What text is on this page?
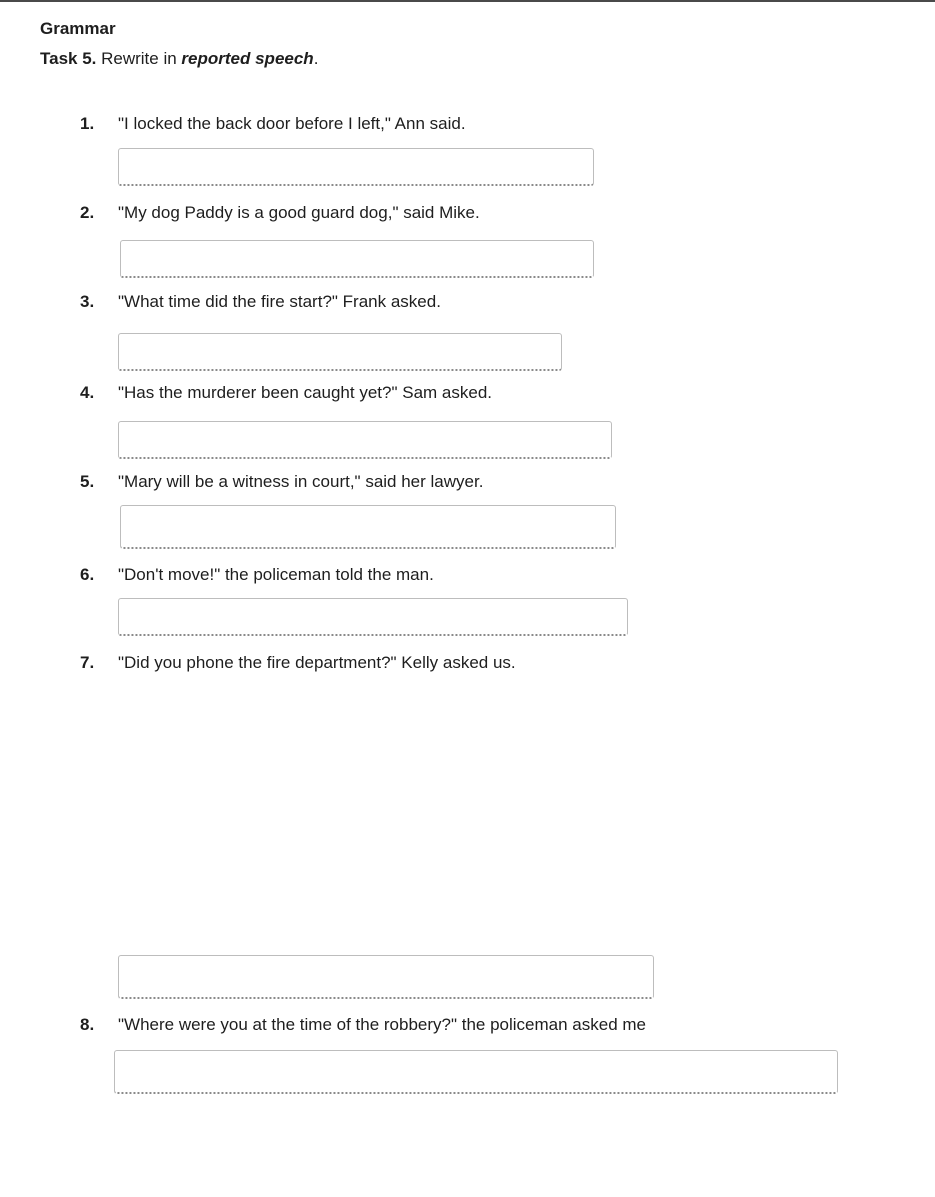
Grammar
Task 5. Rewrite in reported speech.
1. "I locked the back door before I left," Ann said.
2. "My dog Paddy is a good guard dog," said Mike.
3. "What time did the fire start?" Frank asked.
4. "Has the murderer been caught yet?" Sam asked.
5. "Mary will be a witness in court," said her lawyer.
6. "Don't move!" the policeman told the man.
7. "Did you phone the fire department?" Kelly asked us.
8. "Where were you at the time of the robbery?" the policeman asked me
